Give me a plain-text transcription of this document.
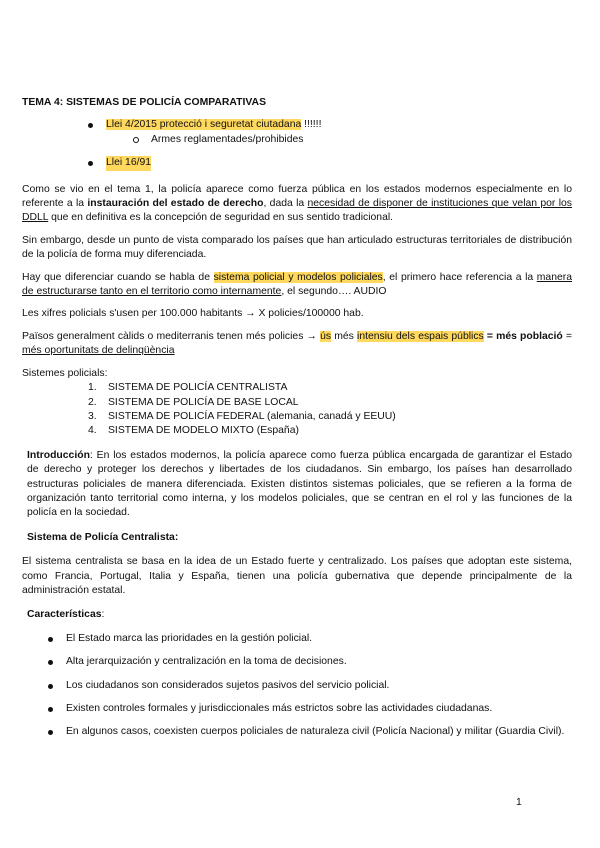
TEMA 4: SISTEMAS DE POLICÍA COMPARATIVAS
Llei 4/2015 protecció i seguretat ciutadana !!!!!!
Armes reglamentades/prohibides
Llei 16/91

Como se vio en el tema 1, la policía aparece como fuerza pública en los estados modernos especialmente en lo referente a la instauración del estado de derecho, dada la necesidad de disponer de instituciones que velan por los DDLL que en definitiva es la concepción de seguridad en sus sentido tradicional.

Sin embargo, desde un punto de vista comparado los países que han articulado estructuras territoriales de distribución de la policía de forma muy diferenciada.

Hay que diferenciar cuando se habla de sistema policial y modelos policiales, el primero hace referencia a la manera de estructurarse tanto en el territorio como internamente, el segundo…. AUDIO

Les xifres policials s'usen per 100.000 habitants → X policies/100000 hab.

Països generalment càlids o mediterranis tenen més policies → ús més intensiu dels espais públics = més població = més oportunitats de delinqüència

Sistemes policials:
1.	SISTEMA DE POLICÍA CENTRALISTA
2.	SISTEMA DE POLICÍA DE BASE LOCAL
3.	SISTEMA DE POLICÍA FEDERAL (alemania, canadá y EEUU)
4.	SISTEMA DE MODELO MIXTO (España)

Introducción: En los estados modernos, la policía aparece como fuerza pública encargada de garantizar el Estado de derecho y proteger los derechos y libertades de los ciudadanos. Sin embargo, los países han desarrollado estructuras policiales de manera diferenciada. Existen distintos sistemas policiales, que se refieren a la forma de organización tanto territorial como interna, y los modelos policiales, que se centran en el rol y las funciones de la policía en la sociedad.

Sistema de Policía Centralista:

El sistema centralista se basa en la idea de un Estado fuerte y centralizado. Los países que adoptan este sistema, como Francia, Portugal, Italia y España, tienen una policía gubernativa que depende principalmente de la administración estatal.

Características:
El Estado marca las prioridades en la gestión policial.
Alta jerarquización y centralización en la toma de decisiones.
Los ciudadanos son considerados sujetos pasivos del servicio policial.
Existen controles formales y jurisdiccionales más estrictos sobre las actividades ciudadanas.
En algunos casos, coexisten cuerpos policiales de naturaleza civil (Policía Nacional) y militar (Guardia Civil).
1
